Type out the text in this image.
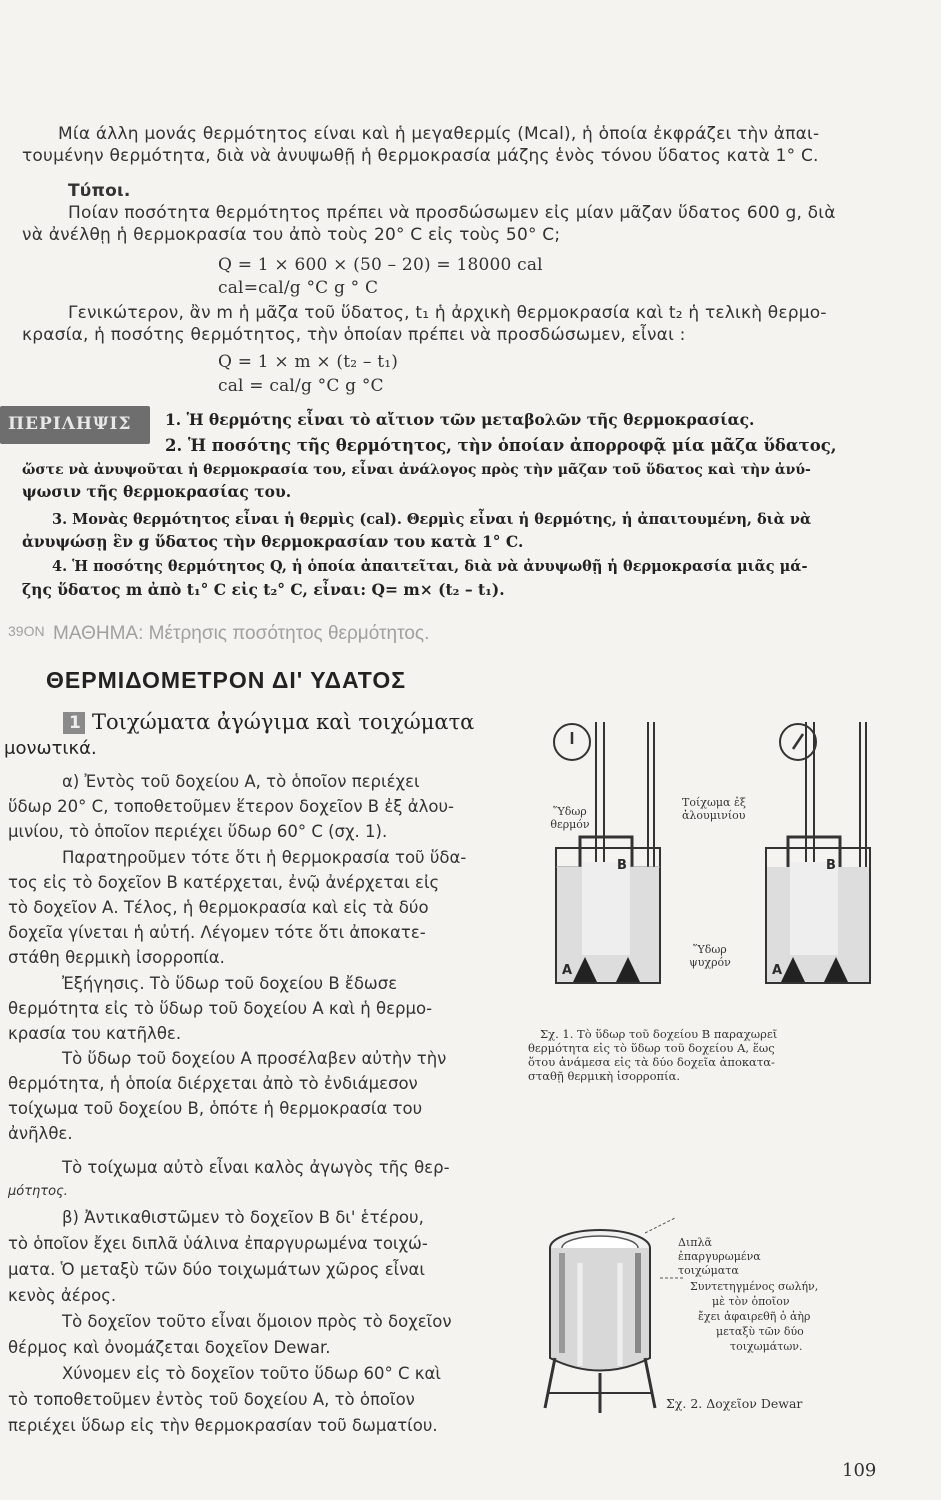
Μία άλλη μονάς θερμότητος είναι καὶ ἡ μεγαθερμίς (Mcal), ἡ ὁποία ἐκφράζει τὴν ἀπαι-
τουμένην θερμότητα, διὰ νὰ ἀνυψωθῇ ἡ θερμοκρασία μάζης ἑνὸς τόνου ὕδατος κατὰ 1° C.
Τύποι.
Ποίαν ποσότητα θερμότητος πρέπει νὰ προσδώσωμεν εἰς μίαν μᾶζαν ὕδατος 600 g, διὰ
νὰ ἀνέλθῃ ἡ θερμοκρασία του ἀπὸ τοὺς 20° C εἰς τοὺς 50° C;
Q = 1 × 600 × (50 – 20) = 18000 cal
cal=cal/g °C g ° C
Γενικώτερον, ἂν m ἡ μᾶζα τοῦ ὕδατος, t₁ ἡ ἀρχικὴ θερμοκρασία καὶ t₂ ἡ τελικὴ θερμο-
κρασία, ἡ ποσότης θερμότητος, τὴν ὁποίαν πρέπει νὰ προσδώσωμεν, εἶναι :
Q = 1 × m × (t₂ – t₁)
cal = cal/g °C g °C
ΠΕΡΙΛΗΨΙΣ 1. Ἡ θερμότης εἶναι τὸ αἴτιον τῶν μεταβολῶν τῆς θερμοκρασίας.
2. Ἡ ποσότης τῆς θερμότητος, τὴν ὁποίαν ἀπορροφᾷ μία μᾶζα ὕδατος,
ὥστε νὰ ἀνυψοῦται ἡ θερμοκρασία του, εἶναι ἀνάλογος πρὸς τὴν μᾶζαν τοῦ ὕδατος καὶ τὴν ἀνύ-
ψωσιν τῆς θερμοκρασίας του.
3. Μονὰς θερμότητος εἶναι ἡ θερμὶς (cal). Θερμὶς εἶναι ἡ θερμότης, ἡ ἀπαιτουμένη, διὰ νὰ
ἀνυψώσῃ ἓν g ὕδατος τὴν θερμοκρασίαν του κατὰ 1° C.
4. Ἡ ποσότης θερμότητος Q, ἡ ὁποία ἀπαιτεῖται, διὰ νὰ ἀνυψωθῇ ἡ θερμοκρασία μιᾶς μά-
ζης ὕδατος m ἀπὸ t₁° C εἰς t₂° C, εἶναι: Q= m× (t₂ – t₁).
39ΟΝ ΜΑΘΗΜΑ: Μέτρησις ποσότητος θερμότητος.
ΘΕΡΜΙΔΟΜΕΤΡΟΝ ΔΙ' ΥΔΑΤΟΣ
1 Τοιχώματα ἀγώγιμα καὶ τοιχώματα
μονωτικά.
α) Ἐντὸς τοῦ δοχείου Α, τὸ ὁποῖον περιέχει
ὕδωρ 20° C, τοποθετοῦμεν ἕτερον δοχεῖον Β ἐξ ἀλου-
μινίου, τὸ ὁποῖον περιέχει ὕδωρ 60° C (σχ. 1).
Παρατηροῦμεν τότε ὅτι ἡ θερμοκρασία τοῦ ὕδα-
τος εἰς τὸ δοχεῖον Β κατέρχεται, ἐνῷ ἀνέρχεται εἰς
τὸ δοχεῖον Α. Τέλος, ἡ θερμοκρασία καὶ εἰς τὰ δύο
δοχεῖα γίνεται ἡ αὐτή. Λέγομεν τότε ὅτι ἀποκατε-
στάθη θερμικὴ ἰσορροπία.
Ἐξήγησις. Τὸ ὕδωρ τοῦ δοχείου Β ἔδωσε
θερμότητα εἰς τὸ ὕδωρ τοῦ δοχείου Α καὶ ἡ θερμο-
κρασία του κατῆλθε.
Τὸ ὕδωρ τοῦ δοχείου Α προσέλαβεν αὐτὴν τὴν
θερμότητα, ἡ ὁποία διέρχεται ἀπὸ τὸ ἐνδιάμεσον
τοίχωμα τοῦ δοχείου Β, ὁπότε ἡ θερμοκρασία του
ἀνῆλθε.
Τὸ τοίχωμα αὐτὸ εἶναι καλὸς ἀγωγὸς τῆς θερ-
μότητος.
β) Ἀντικαθιστῶμεν τὸ δοχεῖον Β δι' ἑτέρου,
τὸ ὁποῖον ἔχει διπλᾶ ὑάλινα ἐπαργυρωμένα τοιχώ-
ματα. Ὁ μεταξὺ τῶν δύο τοιχωμάτων χῶρος εἶναι
κενὸς ἀέρος.
Τὸ δοχεῖον τοῦτο εἶναι ὅμοιον πρὸς τὸ δοχεῖον
θέρμος καὶ ὀνομάζεται δοχεῖον Dewar.
Χύνομεν εἰς τὸ δοχεῖον τοῦτο ὕδωρ 60° C καὶ
τὸ τοποθετοῦμεν ἐντὸς τοῦ δοχείου Α, τὸ ὁποῖον
περιέχει ὕδωρ εἰς τὴν θερμοκρασίαν τοῦ δωματίου.
Ὕδωρ θερμόν
Τοίχωμα ἐξ ἀλουμινίου
Ὕδωρ ψυχρόν
A
B
A
B
Σχ. 1. Τὸ ὕδωρ τοῦ δοχείου Β παραχωρεῖ
θερμότητα εἰς τὸ ὕδωρ τοῦ δοχείου Α, ἕως
ὅτου ἀνάμεσα εἰς τὰ δύο δοχεῖα ἀποκατα-
σταθῇ θερμικὴ ἰσορροπία.
Διπλᾶ
ἐπαργυρωμένα
τοιχώματα
Συντετηγμένος σωλήν,
μὲ τὸν ὁποῖον
ἔχει ἀφαιρεθῆ ὁ ἀὴρ
μεταξὺ τῶν δύο
τοιχωμάτων.
Σχ. 2. Δοχεῖον Dewar
109
